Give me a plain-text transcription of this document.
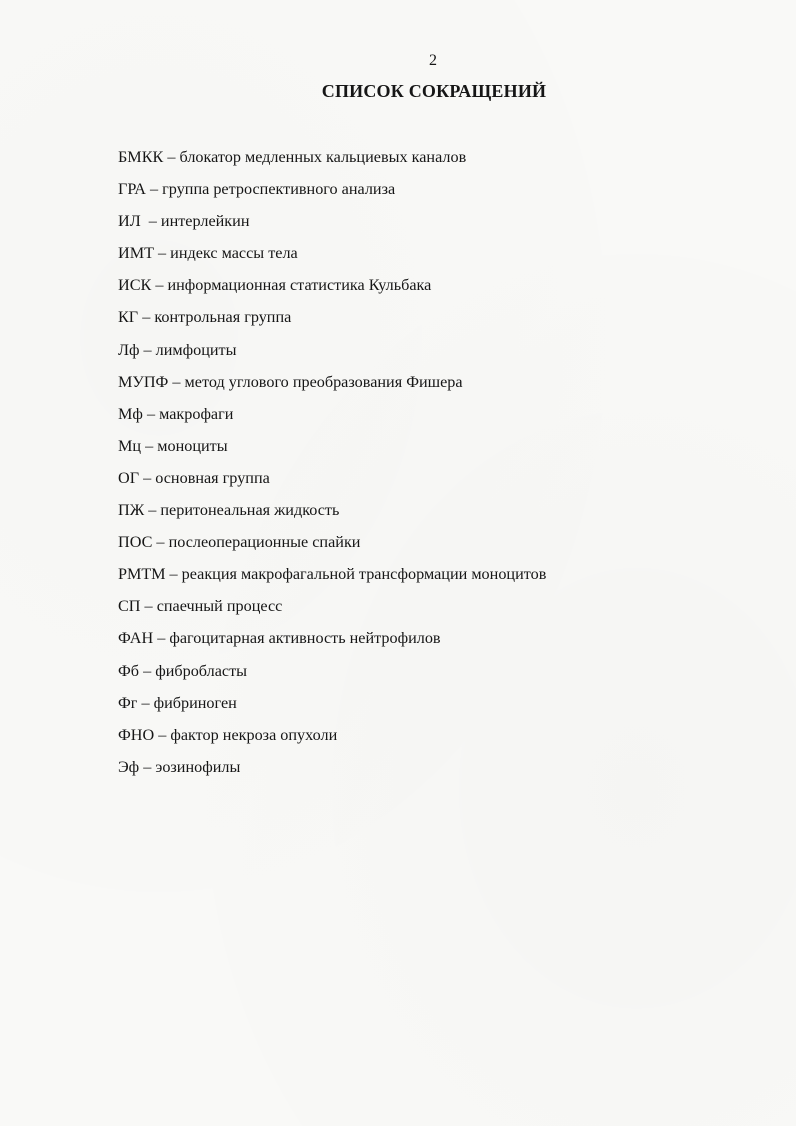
2
СПИСОК СОКРАЩЕНИЙ
БМКК – блокатор медленных кальциевых каналов
ГРА – группа ретроспективного анализа
ИЛ  – интерлейкин
ИМТ – индекс массы тела
ИСК – информационная статистика Кульбака
КГ – контрольная группа
Лф – лимфоциты
МУПФ – метод углового преобразования Фишера
Мф – макрофаги
Мц – моноциты
ОГ – основная группа
ПЖ – перитонеальная жидкость
ПОС – послеоперационные спайки
РМТМ – реакция макрофагальной трансформации моноцитов
СП – спаечный процесс
ФАН – фагоцитарная активность нейтрофилов
Фб – фибробласты
Фг – фибриноген
ФНО – фактор некроза опухоли
Эф – эозинофилы
